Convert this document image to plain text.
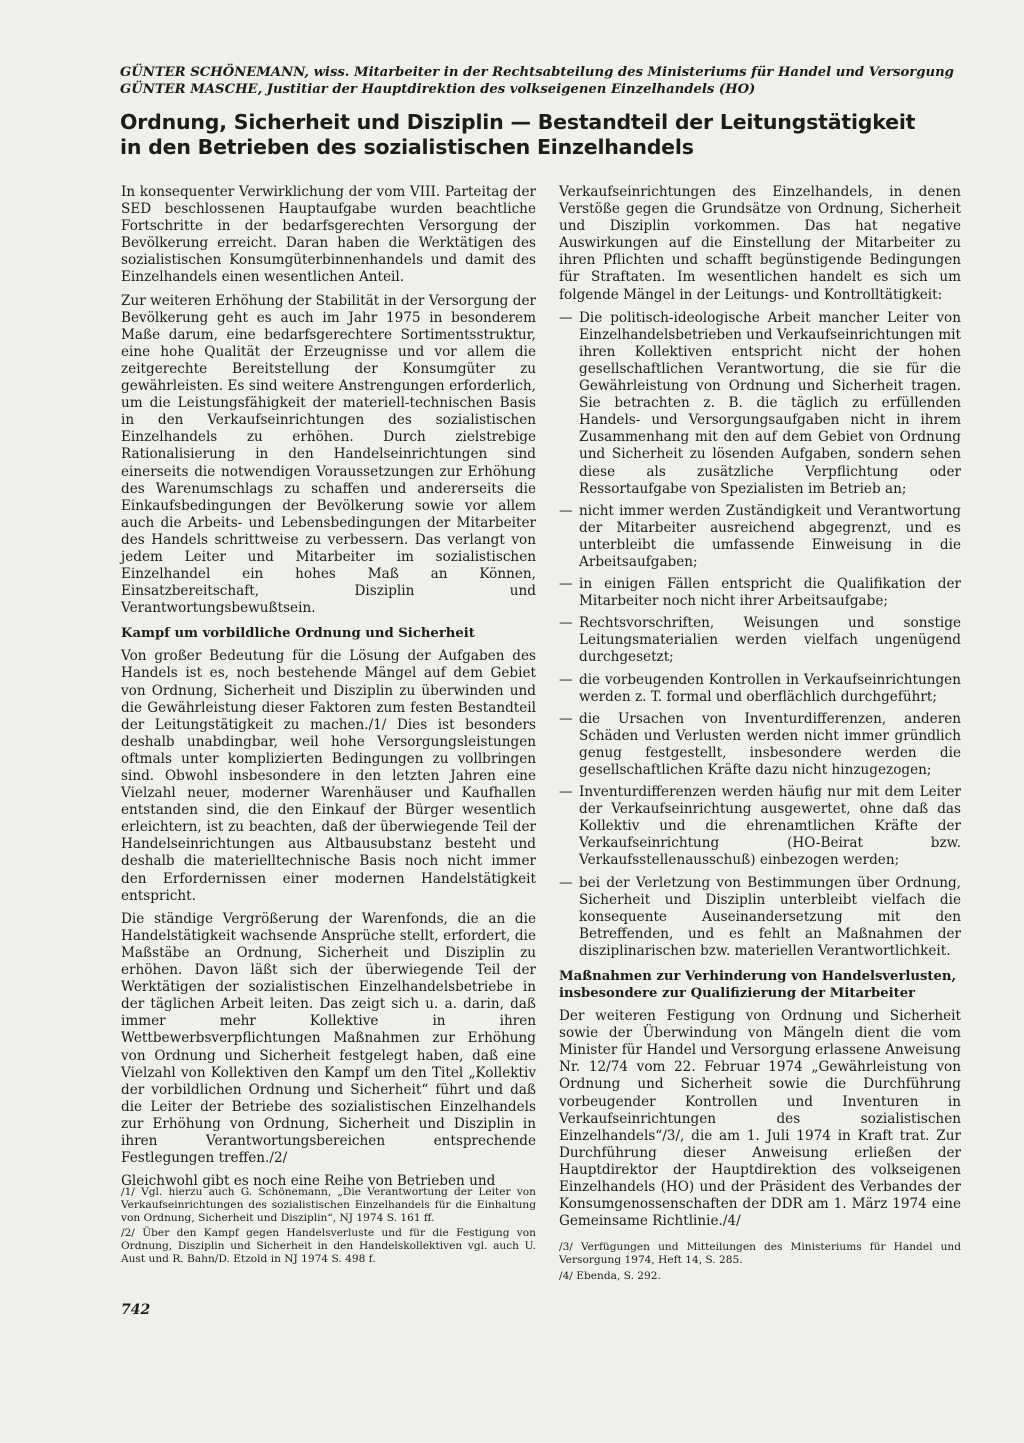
GÜNTER SCHÖNEMANN, wiss. Mitarbeiter in der Rechtsabteilung des Ministeriums für Handel und Versorgung
GÜNTER MASCHE, Justitiar der Hauptdirektion des volkseigenen Einzelhandels (HO)
Ordnung, Sicherheit und Disziplin — Bestandteil der Leitungstätigkeit
in den Betrieben des sozialistischen Einzelhandels

In konsequenter Verwirklichung der vom VIII. Parteitag der SED beschlossenen Hauptaufgabe wurden beachtliche Fortschritte in der bedarfsgerechten Versorgung der Bevölkerung erreicht. Daran haben die Werktätigen des sozialistischen Konsumgüterbinnenhandels und damit des Einzelhandels einen wesentlichen Anteil.

Zur weiteren Erhöhung der Stabilität in der Versorgung der Bevölkerung geht es auch im Jahr 1975 in besonderem Maße darum, eine bedarfsgerechtere Sortimentsstruktur, eine hohe Qualität der Erzeugnisse und vor allem die zeitgerechte Bereitstellung der Konsumgüter zu gewährleisten. Es sind weitere Anstrengungen erforderlich, um die Leistungsfähigkeit der materiell-technischen Basis in den Verkaufseinrichtungen des sozialistischen Einzelhandels zu erhöhen. Durch zielstrebige Rationalisierung in den Handelseinrichtungen sind einerseits die notwendigen Voraussetzungen zur Erhöhung des Warenumschlags zu schaffen und andererseits die Einkaufsbedingungen der Bevölkerung sowie vor allem auch die Arbeits- und Lebensbedingungen der Mitarbeiter des Handels schrittweise zu verbessern. Das verlangt von jedem Leiter und Mitarbeiter im sozialistischen Einzelhandel ein hohes Maß an Können, Einsatzbereitschaft, Disziplin und Verantwortungsbewußtsein.

Kampf um vorbildliche Ordnung und Sicherheit

Von großer Bedeutung für die Lösung der Aufgaben des Handels ist es, noch bestehende Mängel auf dem Gebiet von Ordnung, Sicherheit und Disziplin zu überwinden und die Gewährleistung dieser Faktoren zum festen Bestandteil der Leitungstätigkeit zu machen./1/ Dies ist besonders deshalb unabdingbar, weil hohe Versorgungsleistungen oftmals unter komplizierten Bedingungen zu vollbringen sind. Obwohl insbesondere in den letzten Jahren eine Vielzahl neuer, moderner Warenhäuser und Kaufhallen entstanden sind, die den Einkauf der Bürger wesentlich erleichtern, ist zu beachten, daß der überwiegende Teil der Handelseinrichtungen aus Altbausubstanz besteht und deshalb die materielltechnische Basis noch nicht immer den Erfordernissen einer modernen Handelstätigkeit entspricht.

Die ständige Vergrößerung der Warenfonds, die an die Handelstätigkeit wachsende Ansprüche stellt, erfordert, die Maßstäbe an Ordnung, Sicherheit und Disziplin zu erhöhen. Davon läßt sich der überwiegende Teil der Werktätigen der sozialistischen Einzelhandelsbetriebe in der täglichen Arbeit leiten. Das zeigt sich u. a. darin, daß immer mehr Kollektive in ihren Wettbewerbsverpflichtungen Maßnahmen zur Erhöhung von Ordnung und Sicherheit festgelegt haben, daß eine Vielzahl von Kollektiven den Kampf um den Titel „Kollektiv der vorbildlichen Ordnung und Sicherheit“ führt und daß die Leiter der Betriebe des sozialistischen Einzelhandels zur Erhöhung von Ordnung, Sicherheit und Disziplin in ihren Verantwortungsbereichen entsprechende Festlegungen treffen./2/

Gleichwohl gibt es noch eine Reihe von Betrieben und

/1/ Vgl. hierzu auch G. Schönemann, „Die Verantwortung der Leiter von Verkaufseinrichtungen des sozialistischen Einzelhandels für die Einhaltung von Ordnung, Sicherheit und Disziplin“, NJ 1974 S. 161 ff.

/2/ Über den Kampf gegen Handelsverluste und für die Festigung von Ordnung, Disziplin und Sicherheit in den Handelskollektiven vgl. auch U. Aust und R. Bahn/D. Etzold in NJ 1974 S. 498 f.

Verkaufseinrichtungen des Einzelhandels, in denen Verstöße gegen die Grundsätze von Ordnung, Sicherheit und Disziplin vorkommen. Das hat negative Auswirkungen auf die Einstellung der Mitarbeiter zu ihren Pflichten und schafft begünstigende Bedingungen für Straftaten. Im wesentlichen handelt es sich um folgende Mängel in der Leitungs- und Kontrolltätigkeit:

— Die politisch-ideologische Arbeit mancher Leiter von Einzelhandelsbetrieben und Verkaufseinrichtungen mit ihren Kollektiven entspricht nicht der hohen gesellschaftlichen Verantwortung, die sie für die Gewährleistung von Ordnung und Sicherheit tragen. Sie betrachten z. B. die täglich zu erfüllenden Handels- und Versorgungsaufgaben nicht in ihrem Zusammenhang mit den auf dem Gebiet von Ordnung und Sicherheit zu lösenden Aufgaben, sondern sehen diese als zusätzliche Verpflichtung oder Ressortaufgabe von Spezialisten im Betrieb an;
— nicht immer werden Zuständigkeit und Verantwortung der Mitarbeiter ausreichend abgegrenzt, und es unterbleibt die umfassende Einweisung in die Arbeitsaufgaben;
— in einigen Fällen entspricht die Qualifikation der Mitarbeiter noch nicht ihrer Arbeitsaufgabe;
— Rechtsvorschriften, Weisungen und sonstige Leitungsmaterialien werden vielfach ungenügend durchgesetzt;
— die vorbeugenden Kontrollen in Verkaufseinrichtungen werden z. T. formal und oberflächlich durchgeführt;
— die Ursachen von Inventurdifferenzen, anderen Schäden und Verlusten werden nicht immer gründlich genug festgestellt, insbesondere werden die gesellschaftlichen Kräfte dazu nicht hinzugezogen;
— Inventurdifferenzen werden häufig nur mit dem Leiter der Verkaufseinrichtung ausgewertet, ohne daß das Kollektiv und die ehrenamtlichen Kräfte der Verkaufseinrichtung (HO-Beirat bzw. Verkaufsstellenausschuß) einbezogen werden;
— bei der Verletzung von Bestimmungen über Ordnung, Sicherheit und Disziplin unterbleibt vielfach die konsequente Auseinandersetzung mit den Betreffenden, und es fehlt an Maßnahmen der disziplinarischen bzw. materiellen Verantwortlichkeit.
Maßnahmen zur Verhinderung von Handelsverlusten, insbesondere zur Qualifizierung der Mitarbeiter

Der weiteren Festigung von Ordnung und Sicherheit sowie der Überwindung von Mängeln dient die vom Minister für Handel und Versorgung erlassene Anweisung Nr. 12/74 vom 22. Februar 1974 „Gewährleistung von Ordnung und Sicherheit sowie die Durchführung vorbeugender Kontrollen und Inventuren in Verkaufseinrichtungen des sozialistischen Einzelhandels“/3/, die am 1. Juli 1974 in Kraft trat. Zur Durchführung dieser Anweisung erließen der Hauptdirektor der Hauptdirektion des volkseigenen Einzelhandels (HO) und der Präsident des Verbandes der Konsumgenossenschaften der DDR am 1. März 1974 eine Gemeinsame Richtlinie./4/

/3/ Verfügungen und Mitteilungen des Ministeriums für Handel und Versorgung 1974, Heft 14, S. 285.

/4/ Ebenda, S. 292.

742
